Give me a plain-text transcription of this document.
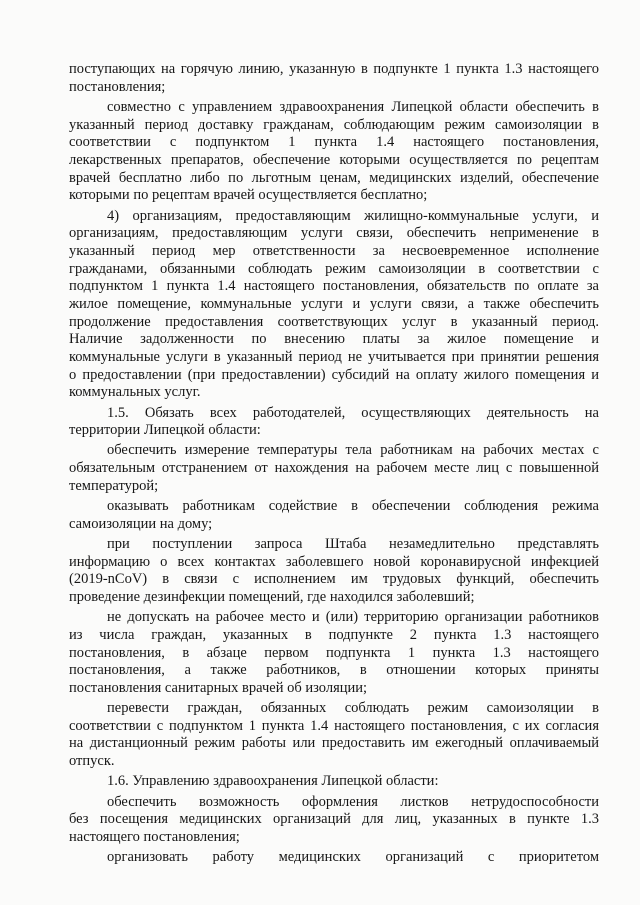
поступающих на горячую линию, указанную в подпункте 1 пункта 1.3 настоящего
постановления;
совместно с управлением здравоохранения Липецкой области обеспечить в
указанный период доставку гражданам, соблюдающим режим самоизоляции в
соответствии с подпунктом 1 пункта 1.4 настоящего постановления,
лекарственных препаратов, обеспечение которыми осуществляется по рецептам
врачей бесплатно либо по льготным ценам, медицинских изделий, обеспечение
которыми по рецептам врачей осуществляется бесплатно;
4) организациям, предоставляющим жилищно-коммунальные услуги, и
организациям, предоставляющим услуги связи, обеспечить неприменение в
указанный период мер ответственности за несвоевременное исполнение
гражданами, обязанными соблюдать режим самоизоляции в соответствии с
подпунктом 1 пункта 1.4 настоящего постановления, обязательств по оплате за
жилое помещение, коммунальные услуги и услуги связи, а также обеспечить
продолжение предоставления соответствующих услуг в указанный период.
Наличие задолженности по внесению платы за жилое помещение и
коммунальные услуги в указанный период не учитывается при принятии решения
о предоставлении (при предоставлении) субсидий на оплату жилого помещения и
коммунальных услуг.
1.5. Обязать всех работодателей, осуществляющих деятельность на
территории Липецкой области:
обеспечить измерение температуры тела работникам на рабочих местах с
обязательным отстранением от нахождения на рабочем месте лиц с повышенной
температурой;
оказывать работникам содействие в обеспечении соблюдения режима
самоизоляции на дому;
при поступлении запроса Штаба незамедлительно представлять
информацию о всех контактах заболевшего новой коронавирусной инфекцией
(2019-nCoV) в связи с исполнением им трудовых функций, обеспечить
проведение дезинфекции помещений, где находился заболевший;
не допускать на рабочее место и (или) территорию организации работников
из числа граждан, указанных в подпункте 2 пункта 1.3 настоящего
постановления, в абзаце первом подпункта 1 пункта 1.3 настоящего
постановления, а также работников, в отношении которых приняты
постановления санитарных врачей об изоляции;
перевести граждан, обязанных соблюдать режим самоизоляции в
соответствии с подпунктом 1 пункта 1.4 настоящего постановления, с их согласия
на дистанционный режим работы или предоставить им ежегодный оплачиваемый
отпуск.
1.6. Управлению здравоохранения Липецкой области:
обеспечить возможность оформления листков нетрудоспособности
без посещения медицинских организаций для лиц, указанных в пункте 1.3
настоящего постановления;
организовать работу медицинских организаций с приоритетом
